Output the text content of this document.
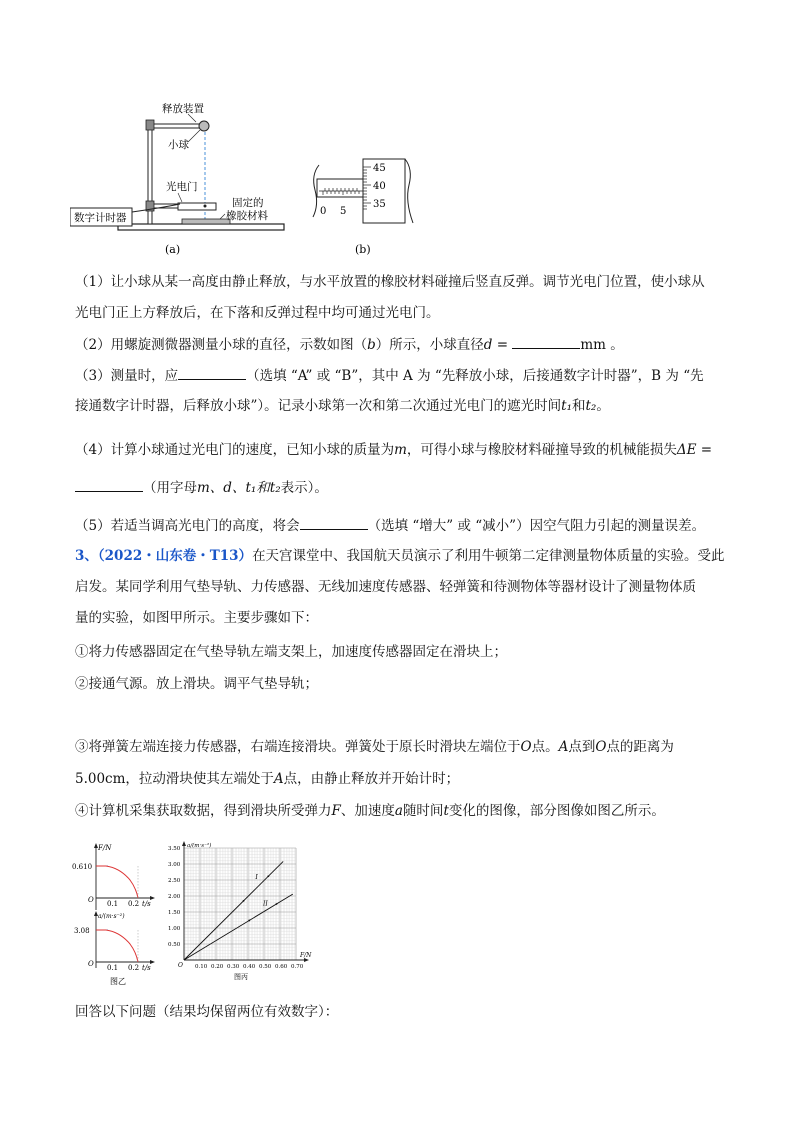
数字计时器
释放装置
小球
光电门
固定的
橡胶材料
(a)
0 5
45
40
35
(b)
（1）让小球从某一高度由静止释放，与水平放置的橡胶材料碰撞后竖直反弹。调节光电门位置，使小球从
光电门正上方释放后，在下落和反弹过程中均可通过光电门。
（2）用螺旋测微器测量小球的直径，示数如图（b）所示，小球直径d =	mm 。
（3）测量时，应	（选填 “A” 或 “B”，其中 A 为 “先释放小球，后接通数字计时器”，B 为 “先
接通数字计时器，后释放小球”）。记录小球第一次和第二次通过光电门的遮光时间t₁和t₂。
（4）计算小球通过光电门的速度，已知小球的质量为m，可得小球与橡胶材料碰撞导致的机械能损失ΔE =
（用字母m、d、t₁和t₂表示）。
（5）若适当调高光电门的高度，将会	（选填 “增大” 或 “减小”）因空气阻力引起的测量误差。
3、（2022・山东卷・T13）在天宫课堂中、我国航天员演示了利用牛顿第二定律测量物体质量的实验。受此
启发。某同学利用气垫导轨、力传感器、无线加速度传感器、轻弹簧和待测物体等器材设计了测量物体质
量的实验，如图甲所示。主要步骤如下：
①将力传感器固定在气垫导轨左端支架上，加速度传感器固定在滑块上；
②接通气源。放上滑块。调平气垫导轨；
③将弹簧左端连接力传感器，右端连接滑块。弹簧处于原长时滑块左端位于O点。A点到O点的距离为
5.00cm，拉动滑块使其左端处于A点，由静止释放并开始计时；
④计算机采集获取数据，得到滑块所受弹力F、加速度a随时间t变化的图像，部分图像如图乙所示。
F/N
0.610
O 0.1 0.2 t/s
a/(m·s⁻²)
3.08
O 0.1 0.2 t/s
图乙
0.10 0.20 0.30 0.40 0.50 0.60 0.70
0.50
1.00
1.50
2.00
2.50
3.00
3.50
O
F/N
a/(m·s⁻²)
图丙
I
II
回答以下问题（结果均保留两位有效数字）：
